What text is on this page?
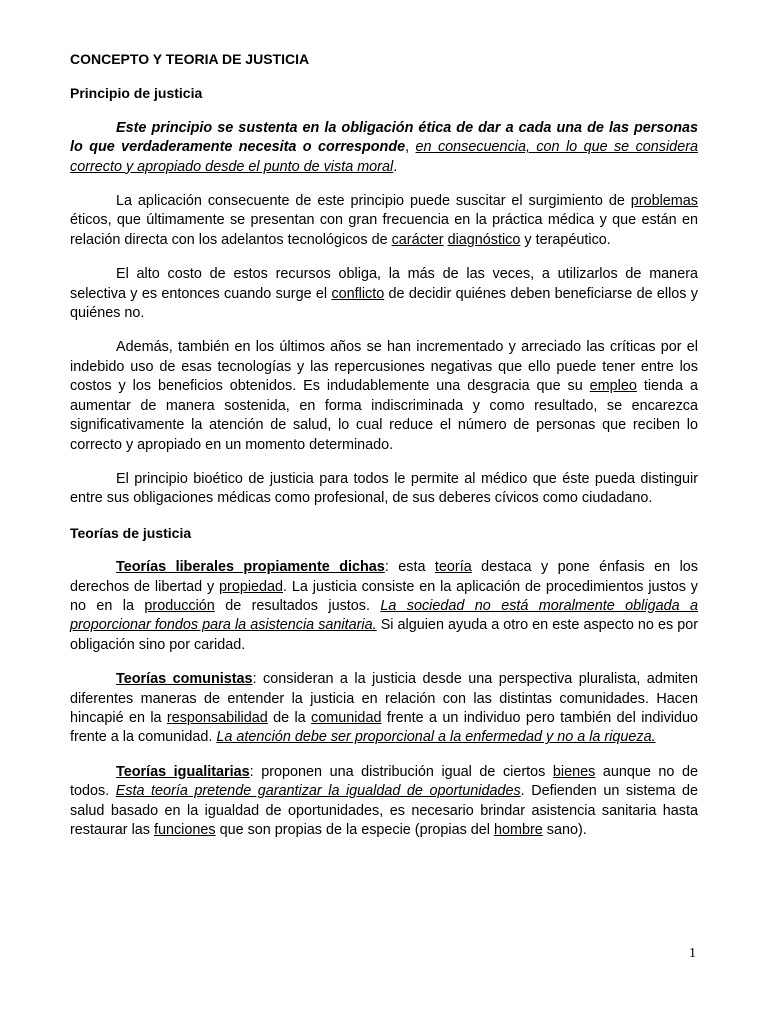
CONCEPTO Y TEORIA DE JUSTICIA
Principio de justicia

Este principio se sustenta en la obligación ética de dar a cada una de las personas lo que verdaderamente necesita o corresponde, en consecuencia, con lo que se considera correcto y apropiado desde el punto de vista moral.

La aplicación consecuente de este principio puede suscitar el surgimiento de problemas éticos, que últimamente se presentan con gran frecuencia en la práctica médica y que están en relación directa con los adelantos tecnológicos de carácter diagnóstico y terapéutico.

El alto costo de estos recursos obliga, la más de las veces, a utilizarlos de manera selectiva y es entonces cuando surge el conflicto de decidir quiénes deben beneficiarse de ellos y quiénes no.

Además, también en los últimos años se han incrementado y arreciado las críticas por el indebido uso de esas tecnologías y las repercusiones negativas que ello puede tener entre los costos y los beneficios obtenidos. Es indudablemente una desgracia que su empleo tienda a aumentar de manera sostenida, en forma indiscriminada y como resultado, se encarezca significativamente la atención de salud, lo cual reduce el número de personas que reciben lo correcto y apropiado en un momento determinado.

El principio bioético de justicia para todos le permite al médico que éste pueda distinguir entre sus obligaciones médicas como profesional, de sus deberes cívicos como ciudadano.

Teorías de justicia

Teorías liberales propiamente dichas: esta teoría destaca y pone énfasis en los derechos de libertad y propiedad. La justicia consiste en la aplicación de procedimientos justos y no en la producción de resultados justos. La sociedad no está moralmente obligada a proporcionar fondos para la asistencia sanitaria. Si alguien ayuda a otro en este aspecto no es por obligación sino por caridad.

Teorías comunistas: consideran a la justicia desde una perspectiva pluralista, admiten diferentes maneras de entender la justicia en relación con las distintas comunidades. Hacen hincapié en la responsabilidad de la comunidad frente a un individuo pero también del individuo frente a la comunidad. La atención debe ser proporcional a la enfermedad y no a la riqueza.

Teorías igualitarias: proponen una distribución igual de ciertos bienes aunque no de todos. Esta teoría pretende garantizar la igualdad de oportunidades. Defienden un sistema de salud basado en la igualdad de oportunidades, es necesario brindar asistencia sanitaria hasta restaurar las funciones que son propias de la especie (propias del hombre sano).

1
